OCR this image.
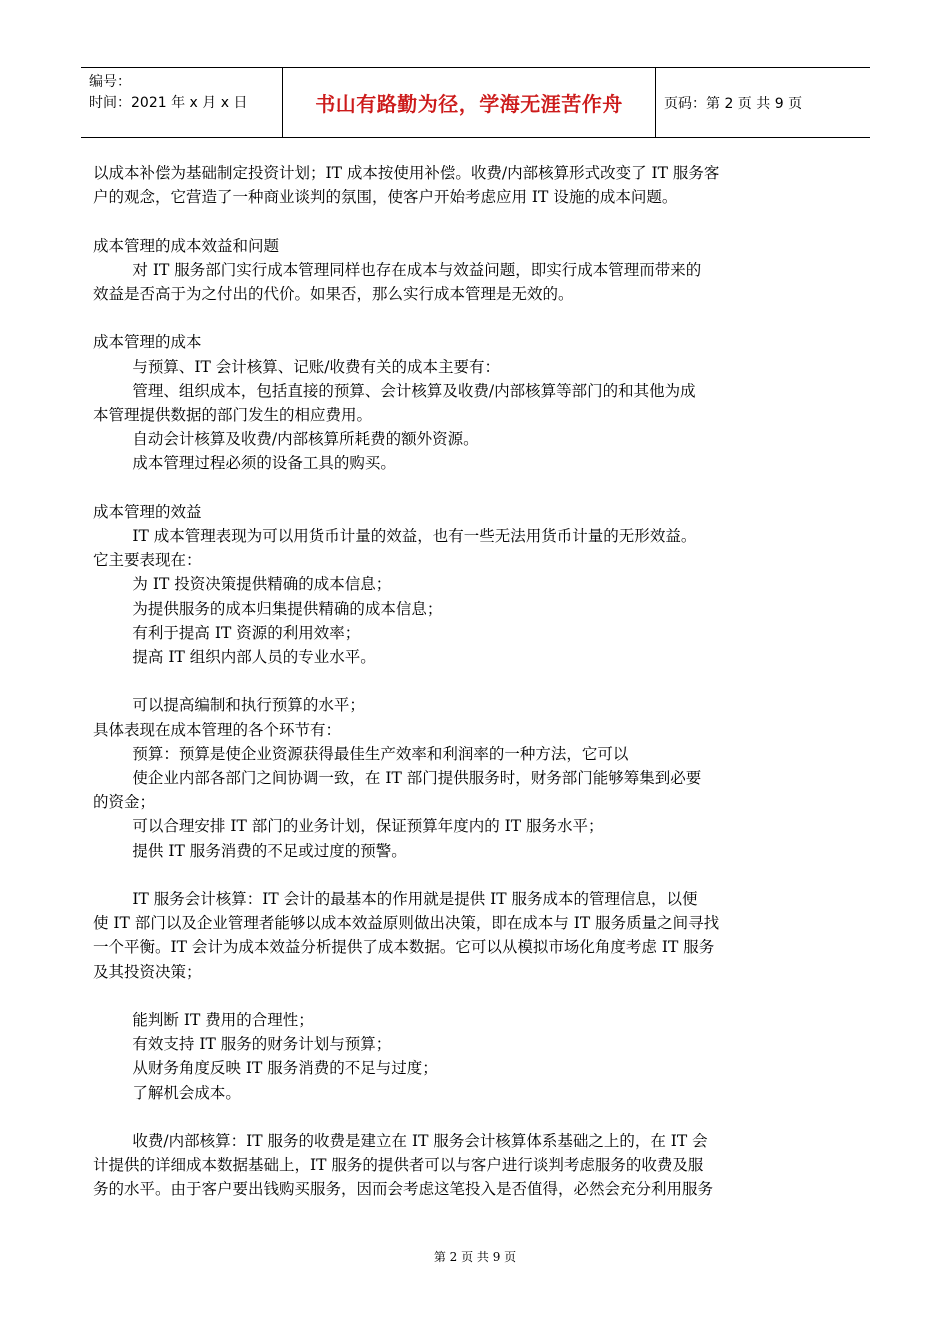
编号：
时间：2021 年 x 月 x 日	书山有路勤为径，学海无涯苦作舟	页码：第 2 页 共 9 页

以成本补偿为基础制定投资计划；IT 成本按使用补偿。收费/内部核算形式改变了 IT 服务客

户的观念，它营造了一种商业谈判的氛围，使客户开始考虑应用 IT 设施的成本问题。

成本管理的成本效益和问题

对 IT 服务部门实行成本管理同样也存在成本与效益问题，即实行成本管理而带来的

效益是否高于为之付出的代价。如果否，那么实行成本管理是无效的。

成本管理的成本

与预算、IT 会计核算、记账/收费有关的成本主要有：

管理、组织成本，包括直接的预算、会计核算及收费/内部核算等部门的和其他为成

本管理提供数据的部门发生的相应费用。

自动会计核算及收费/内部核算所耗费的额外资源。

成本管理过程必须的设备工具的购买。

成本管理的效益

IT 成本管理表现为可以用货币计量的效益，也有一些无法用货币计量的无形效益。

它主要表现在：

为 IT 投资决策提供精确的成本信息；

为提供服务的成本归集提供精确的成本信息；

有利于提高 IT 资源的利用效率；

提高 IT 组织内部人员的专业水平。

可以提高编制和执行预算的水平；

具体表现在成本管理的各个环节有：

预算：预算是使企业资源获得最佳生产效率和利润率的一种方法，它可以

使企业内部各部门之间协调一致，在 IT 部门提供服务时，财务部门能够筹集到必要

的资金；

可以合理安排 IT 部门的业务计划，保证预算年度内的 IT 服务水平；

提供 IT 服务消费的不足或过度的预警。

IT 服务会计核算：IT 会计的最基本的作用就是提供 IT 服务成本的管理信息，以便

使 IT 部门以及企业管理者能够以成本效益原则做出决策，即在成本与 IT 服务质量之间寻找

一个平衡。IT 会计为成本效益分析提供了成本数据。它可以从模拟市场化角度考虑 IT 服务

及其投资决策；

能判断 IT 费用的合理性；

有效支持 IT 服务的财务计划与预算；

从财务角度反映 IT 服务消费的不足与过度；

了解机会成本。

收费/内部核算：IT 服务的收费是建立在 IT 服务会计核算体系基础之上的，在 IT 会

计提供的详细成本数据基础上，IT 服务的提供者可以与客户进行谈判考虑服务的收费及服

务的水平。由于客户要出钱购买服务，因而会考虑这笔投入是否值得，必然会充分利用服务

第 2 页 共 9 页
